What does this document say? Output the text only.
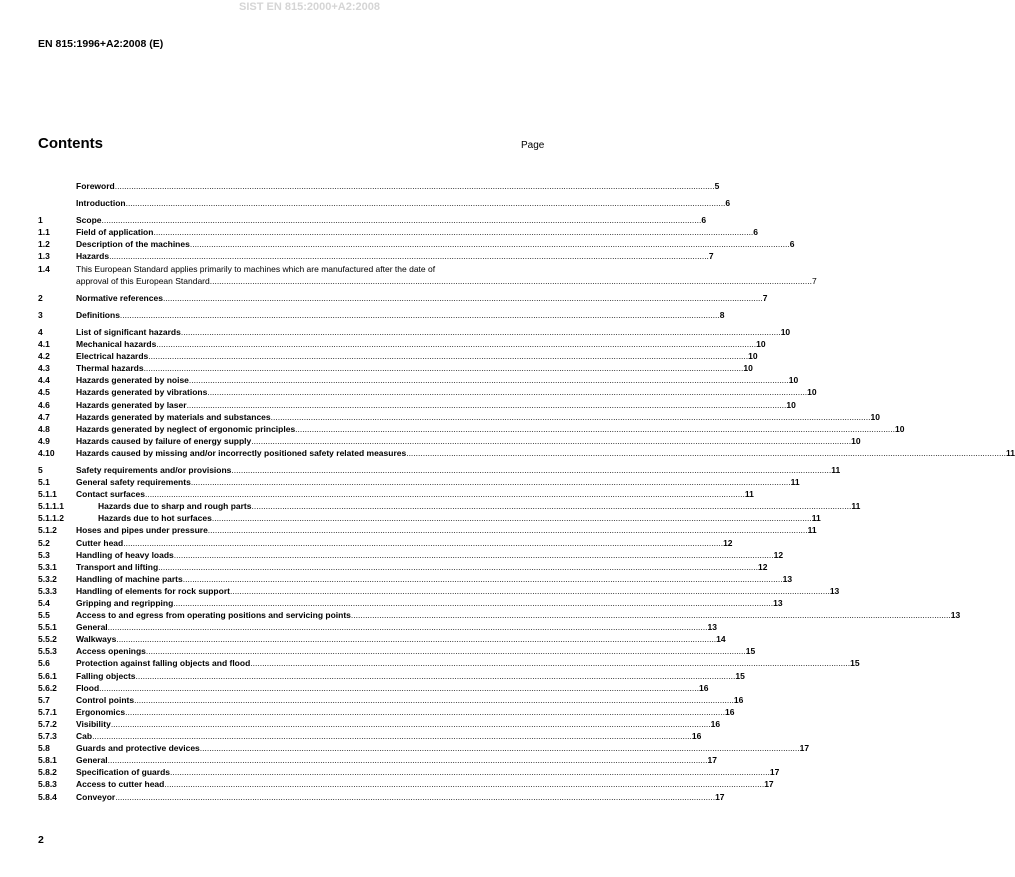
SIST EN 815:2000+A2:2008
EN 815:1996+A2:2008 (E)
Contents	Page
Foreword .....	5
Introduction .....	6
1	Scope .....	6
1.1	Field of application .....	6
1.2	Description of the machines .....	6
1.3	Hazards .....	7
1.4	This European Standard applies primarily to machines which are manufactured after the date of
approval of this European Standard. .....	7
2	Normative references .....	7
3	Definitions .....	8
4	List of significant hazards .....	10
4.1	Mechanical hazards .....	10
4.2	Electrical hazards .....	10
4.3	Thermal hazards .....	10
4.4	Hazards generated by noise .....	10
4.5	Hazards generated by vibrations .....	10
4.6	Hazards generated by laser .....	10
4.7	Hazards generated by materials and substances .....	10
4.8	Hazards generated by neglect of ergonomic principles .....	10
4.9	Hazards caused by failure of energy supply .....	10
4.10	Hazards caused by missing and/or incorrectly positioned safety related measures .....	11
5	Safety requirements and/or provisions .....	11
5.1	General safety requirements .....	11
5.1.1	Contact surfaces .....	11
5.1.1.1	Hazards due to sharp and rough parts .....	11
5.1.1.2	Hazards due to hot surfaces .....	11
5.1.2	Hoses and pipes under pressure .....	11
5.2	Cutter head .....	12
5.3	Handling of heavy loads .....	12
5.3.1	Transport and lifting .....	12
5.3.2	Handling of machine parts .....	13
5.3.3	Handling of elements for rock support .....	13
5.4	Gripping and regripping .....	13
5.5	Access to and egress from operating positions and servicing points .....	13
5.5.1	General .....	13
5.5.2	Walkways .....	14
5.5.3	Access openings .....	15
5.6	Protection against falling objects and flood .....	15
5.6.1	Falling objects .....	15
5.6.2	Flood .....	16
5.7	Control points .....	16
5.7.1	Ergonomics .....	16
5.7.2	Visibility .....	16
5.7.3	Cab .....	16
5.8	Guards and protective devices .....	17
5.8.1	General .....	17
5.8.2	Specification of guards .....	17
5.8.3	Access to cutter head .....	17
5.8.4	Conveyor .....	17
2
